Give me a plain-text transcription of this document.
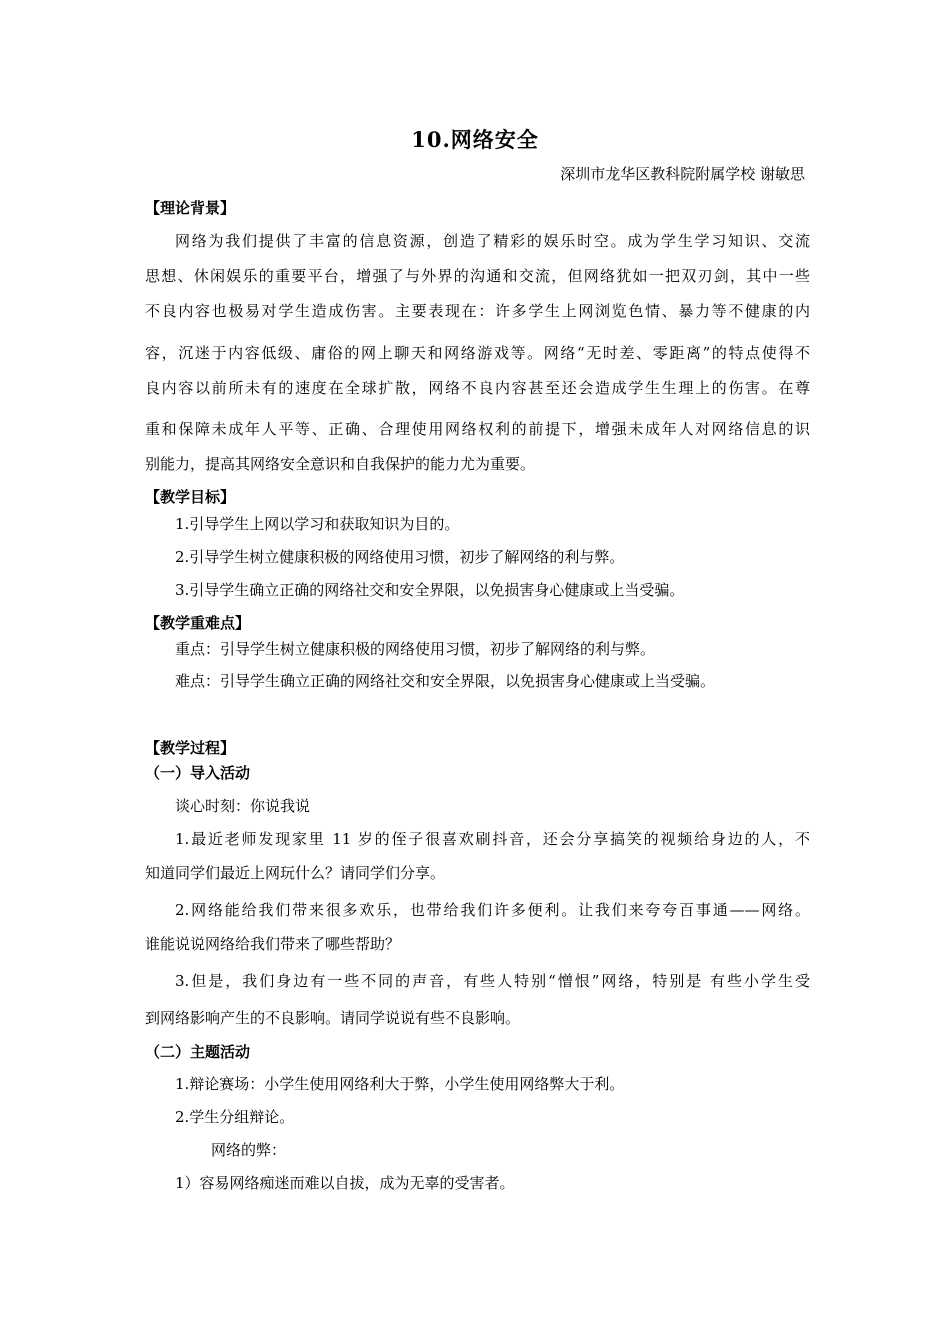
10.网络安全
深圳市龙华区教科院附属学校 谢敏思
【理论背景】
网络为我们提供了丰富的信息资源，创造了精彩的娱乐时空。成为学生学习知识、交流
思想、休闲娱乐的重要平台，增强了与外界的沟通和交流，但网络犹如一把双刃剑，其中一些
不良内容也极易对学生造成伤害。主要表现在：许多学生上网浏览色情、暴力等不健康的内
容，沉迷于内容低级、庸俗的网上聊天和网络游戏等。网络“无时差、零距离”的特点使得不
良内容以前所未有的速度在全球扩散，网络不良内容甚至还会造成学生生理上的伤害。在尊
重和保障未成年人平等、正确、合理使用网络权利的前提下，增强未成年人对网络信息的识
别能力，提高其网络安全意识和自我保护的能力尤为重要。
【教学目标】
1.引导学生上网以学习和获取知识为目的。
2.引导学生树立健康积极的网络使用习惯，初步了解网络的利与弊。
3.引导学生确立正确的网络社交和安全界限，以免损害身心健康或上当受骗。
【教学重难点】
重点：引导学生树立健康积极的网络使用习惯，初步了解网络的利与弊。
难点：引导学生确立正确的网络社交和安全界限，以免损害身心健康或上当受骗。
【教学过程】
（一）导入活动
谈心时刻：你说我说
1.最近老师发现家里 11 岁的侄子很喜欢刷抖音，还会分享搞笑的视频给身边的人，不
知道同学们最近上网玩什么？请同学们分享。
2.网络能给我们带来很多欢乐，也带给我们许多便利。让我们来夸夸百事通——网络。
谁能说说网络给我们带来了哪些帮助？
3.但是，我们身边有一些不同的声音，有些人特别“憎恨”网络，特别是 有些小学生受
到网络影响产生的不良影响。请同学说说有些不良影响。
（二）主题活动
1.辩论赛场：小学生使用网络利大于弊，小学生使用网络弊大于利。
2.学生分组辩论。
网络的弊：
1）容易网络痴迷而难以自拔，成为无辜的受害者。
